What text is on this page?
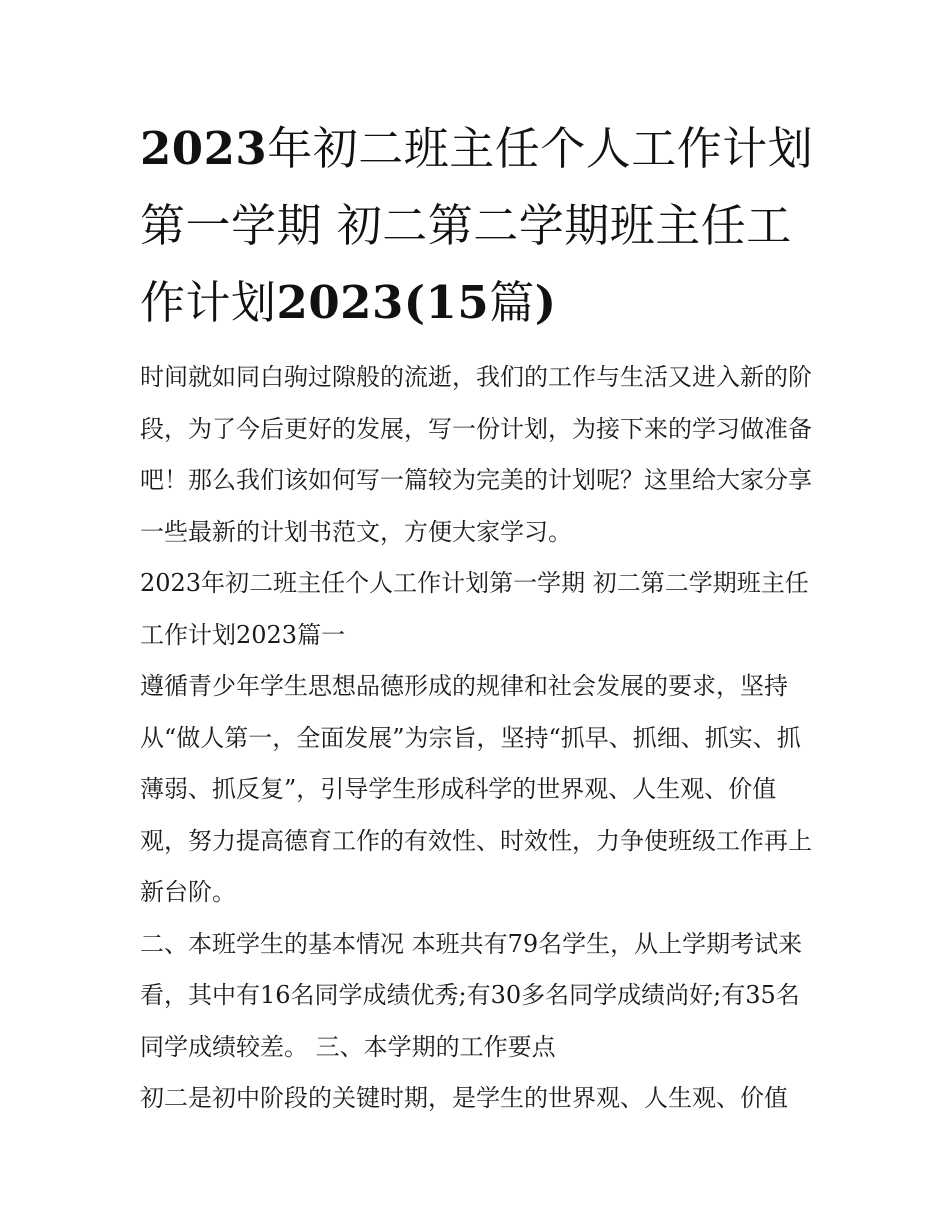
2023年初二班主任个人工作计划第一学期 初二第二学期班主任工作计划2023(15篇)

时间就如同白驹过隙般的流逝，我们的工作与生活又进入新的阶段，为了今后更好的发展，写一份计划，为接下来的学习做准备吧！那么我们该如何写一篇较为完美的计划呢？这里给大家分享一些最新的计划书范文，方便大家学习。

2023年初二班主任个人工作计划第一学期 初二第二学期班主任工作计划2023篇一

遵循青少年学生思想品德形成的规律和社会发展的要求，坚持从“做人第一，全面发展”为宗旨，坚持“抓早、抓细、抓实、抓薄弱、抓反复”，引导学生形成科学的世界观、人生观、价值观，努力提高德育工作的有效性、时效性，力争使班级工作再上新台阶。

二、本班学生的基本情况 本班共有79名学生，从上学期考试来看，其中有16名同学成绩优秀;有30多名同学成绩尚好;有35名同学成绩较差。 三、本学期的工作要点

初二是初中阶段的关键时期，是学生的世界观、人生观、价值
